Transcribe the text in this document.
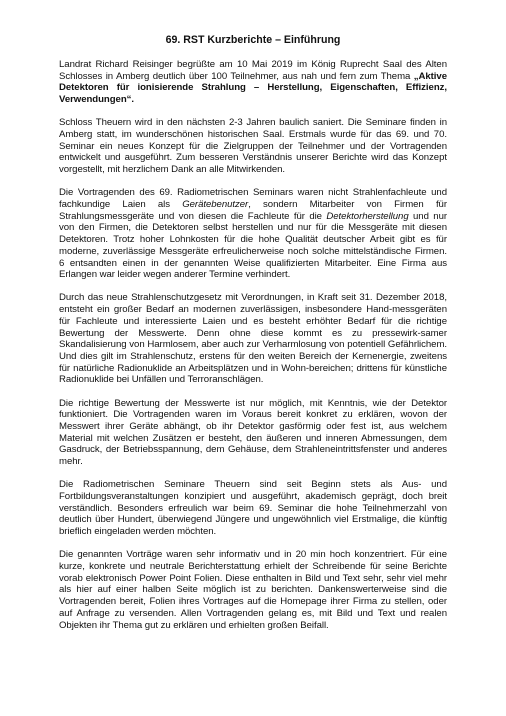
69. RST Kurzberichte – Einführung

Landrat Richard Reisinger begrüßte am 10 Mai 2019 im König Ruprecht Saal des Alten Schlosses in Amberg deutlich über 100 Teilnehmer, aus nah und fern zum Thema „Aktive Detektoren für ionisierende Strahlung – Herstellung, Eigenschaften, Effizienz, Verwendungen“.

Schloss Theuern wird in den nächsten 2-3 Jahren baulich saniert. Die Seminare finden in Amberg statt, im wunderschönen historischen Saal. Erstmals wurde für das 69. und 70. Seminar ein neues Konzept für die Zielgruppen der Teilnehmer und der Vortragenden entwickelt und ausgeführt. Zum besseren Verständnis unserer Berichte wird das Konzept vorgestellt, mit herzlichem Dank an alle Mitwirkenden.

Die Vortragenden des 69. Radiometrischen Seminars waren nicht Strahlenfachleute und fachkundige Laien als Gerätebenutzer, sondern Mitarbeiter von Firmen für Strahlungsmessgeräte und von diesen die Fachleute für die Detektorherstellung und nur von den Firmen, die Detektoren selbst herstellen und nur für die Messgeräte mit diesen Detektoren. Trotz hoher Lohnkosten für die hohe Qualität deutscher Arbeit gibt es für moderne, zuverlässige Messgeräte erfreulicherweise noch solche mittelständische Firmen. 6 entsandten einen in der genannten Weise qualifizierten Mitarbeiter. Eine Firma aus Erlangen war leider wegen anderer Termine verhindert.

Durch das neue Strahlenschutzgesetz mit Verordnungen, in Kraft seit 31. Dezember 2018, entsteht ein großer Bedarf an modernen zuverlässigen, insbesondere Hand-messgeräten für Fachleute und interessierte Laien und es besteht erhöhter Bedarf für die richtige Bewertung der Messwerte. Denn ohne diese kommt es zu pressewirk-samer Skandalisierung von Harmlosem, aber auch zur Verharmlosung von potentiell Gefährlichem. Und dies gilt im Strahlenschutz, erstens für den weiten Bereich der Kernenergie, zweitens für natürliche Radionuklide an Arbeitsplätzen und in Wohn-bereichen; drittens für künstliche Radionuklide bei Unfällen und Terroranschlägen.

Die richtige Bewertung der Messwerte ist nur möglich, mit Kenntnis, wie der Detektor funktioniert. Die Vortragenden waren im Voraus bereit konkret zu erklären, wovon der Messwert ihrer Geräte abhängt, ob ihr Detektor gasförmig oder fest ist, aus welchem Material mit welchen Zusätzen er besteht, den äußeren und inneren Abmessungen, dem Gasdruck, der Betriebsspannung, dem Gehäuse, dem Strahleneintrittsfenster und anderes mehr.

Die Radiometrischen Seminare Theuern sind seit Beginn stets als Aus- und Fortbildungsveranstaltungen konzipiert und ausgeführt, akademisch geprägt, doch breit verständlich. Besonders erfreulich war beim 69. Seminar die hohe Teilnehmerzahl von deutlich über Hundert, überwiegend Jüngere und ungewöhnlich viel Erstmalige, die künftig brieflich eingeladen werden möchten.

Die genannten Vorträge waren sehr informativ und in 20 min hoch konzentriert. Für eine kurze, konkrete und neutrale Berichterstattung erhielt der Schreibende für seine Berichte vorab elektronisch Power Point Folien. Diese enthalten in Bild und Text sehr, sehr viel mehr als hier auf einer halben Seite möglich ist zu berichten. Dankenswerterweise sind die Vortragenden bereit, Folien ihres Vortrages auf die Homepage ihrer Firma zu stellen, oder auf Anfrage zu versenden. Allen Vortragenden gelang es, mit Bild und Text und realen Objekten ihr Thema gut zu erklären und erhielten großen Beifall.
